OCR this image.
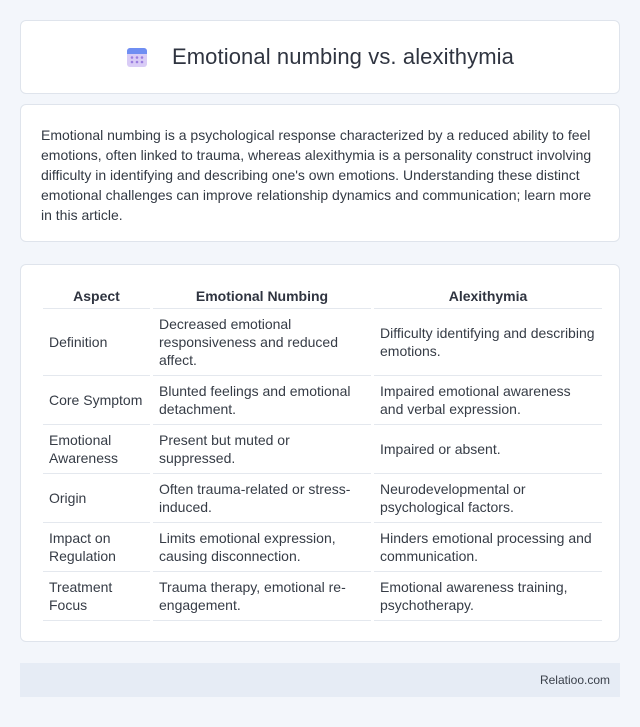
Emotional numbing vs. alexithymia

Emotional numbing is a psychological response characterized by a reduced ability to feel emotions, often linked to trauma, whereas alexithymia is a personality construct involving difficulty in identifying and describing one's own emotions. Understanding these distinct emotional challenges can improve relationship dynamics and communication; learn more in this article.

Aspect	Emotional Numbing	Alexithymia
Definition	Decreased emotional responsiveness and reduced affect.	Difficulty identifying and describing emotions.
Core Symptom	Blunted feelings and emotional detachment.	Impaired emotional awareness and verbal expression.
Emotional Awareness	Present but muted or suppressed.	Impaired or absent.
Origin	Often trauma-related or stress-induced.	Neurodevelopmental or psychological factors.
Impact on Regulation	Limits emotional expression, causing disconnection.	Hinders emotional processing and communication.
Treatment Focus	Trauma therapy, emotional re-engagement.	Emotional awareness training, psychotherapy.
Relatioo.com
